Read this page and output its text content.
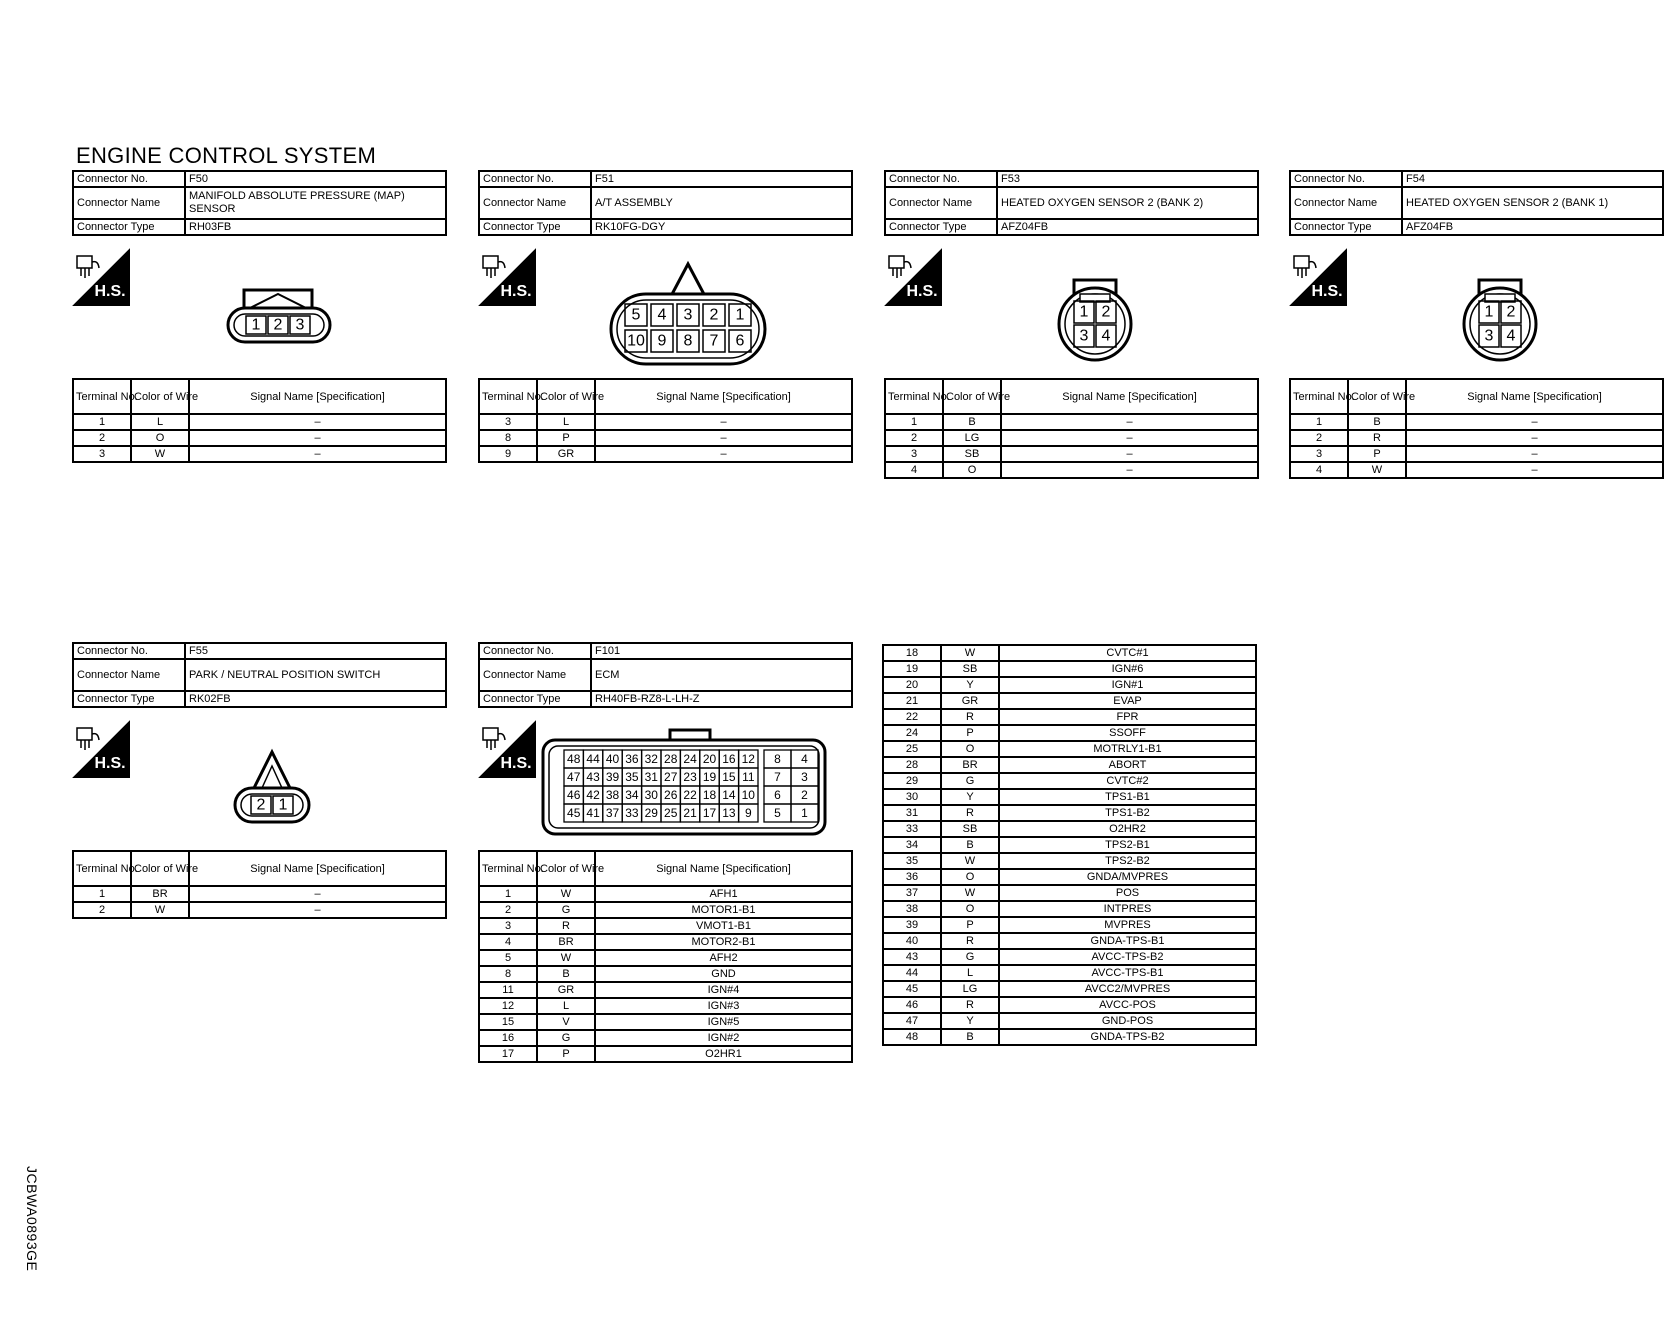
ENGINE CONTROL SYSTEM
Connector No.	F50
Connector Name	MANIFOLD ABSOLUTE PRESSURE (MAP) SENSOR
Connector Type	RH03FB
H.S.
1 2 3
Terminal No.	Color of Wire	Signal Name [Specification]
1	L	–
2	O	–
3	W	–
Connector No.	F51
Connector Name	A/T ASSEMBLY
Connector Type	RK10FG-DGY
H.S.
5
10
4
9
3
8
2
7
1
6
Terminal No.	Color of Wire	Signal Name [Specification]
3	L	–
8	P	–
9	GR	–
Connector No.	F53
Connector Name	HEATED OXYGEN SENSOR 2 (BANK 2)
Connector Type	AFZ04FB
H.S.
1 2
3 4
Terminal No.	Color of Wire	Signal Name [Specification]
1	B	–
2	LG	–
3	SB	–
4	O	–
Connector No.	F54
Connector Name	HEATED OXYGEN SENSOR 2 (BANK 1)
Connector Type	AFZ04FB
H.S.
1 2
3 4
Terminal No.	Color of Wire	Signal Name [Specification]
1	B	–
2	R	–
3	P	–
4	W	–
Connector No.	F55
Connector Name	PARK / NEUTRAL POSITION SWITCH
Connector Type	RK02FB
H.S.
2 1
Terminal No.	Color of Wire	Signal Name [Specification]
1	BR	–
2	W	–
Connector No.	F101
Connector Name	ECM
Connector Type	RH40FB-RZ8-L-LH-Z
H.S.	48 44 40 36 32 28 24 20 16 12 8 4
47 43 39 35 31 27 23 19 15 11 7 3
46 42 38 34 30 26 22 18 14 10 6 2
45 41 37 33 29 25 21 17 13 9 5 1
Terminal No.	Color of Wire	Signal Name [Specification]
1	W	AFH1
2	G	MOTOR1-B1
3	R	VMOT1-B1
4	BR	MOTOR2-B1
5	W	AFH2
8	B	GND
11	GR	IGN#4
12	L	IGN#3
15	V	IGN#5
16	G	IGN#2
17	P	O2HR1
18	W	CVTC#1
19	SB	IGN#6
20	Y	IGN#1
21	GR	EVAP
22	R	FPR
24	P	SSOFF
25	O	MOTRLY1-B1
28	BR	ABORT
29	G	CVTC#2
30	Y	TPS1-B1
31	R	TPS1-B2
33	SB	O2HR2
34	B	TPS2-B1
35	W	TPS2-B2
36	O	GNDA/MVPRES
37	W	POS
38	O	INTPRES
39	P	MVPRES
40	R	GNDA-TPS-B1
43	G	AVCC-TPS-B2
44	L	AVCC-TPS-B1
45	LG	AVCC2/MVPRES
46	R	AVCC-POS
47	Y	GND-POS
48	B	GNDA-TPS-B2
JCBWA0893GE
